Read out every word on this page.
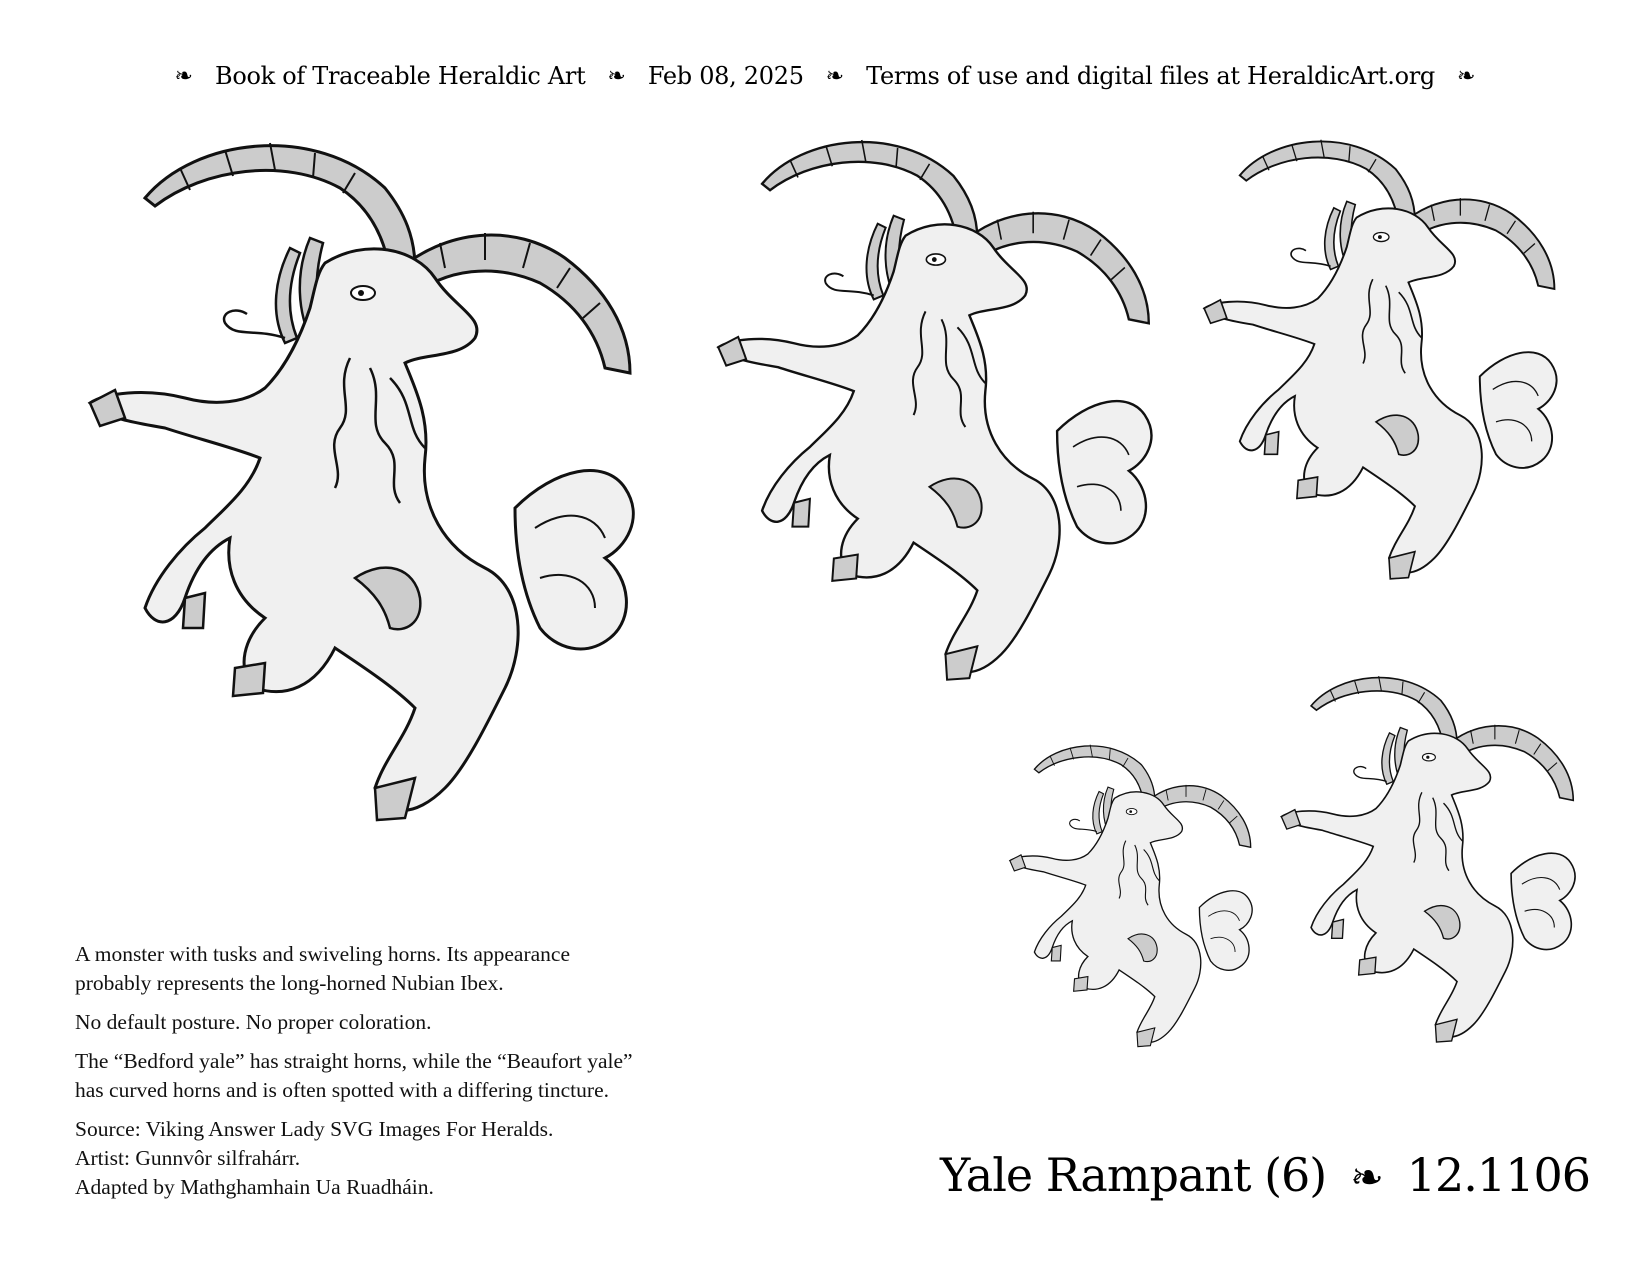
❧ Book of Traceable Heraldic Art ❧ Feb 08, 2025 ❧ Terms of use and digital files at HeraldicArt.org ❧

A monster with tusks and swiveling horns. Its appearance
probably represents the long-horned Nubian Ibex.

No default posture. No proper coloration.

The “Bedford yale” has straight horns, while the “Beaufort yale”
has curved horns and is often spotted with a differing tincture.

Source: Viking Answer Lady SVG Images For Heralds.
Artist: Gunnvôr silfrahárr.
Adapted by Mathghamhain Ua Ruadháin.	Yale Rampant (6) ❧ 12.1106
